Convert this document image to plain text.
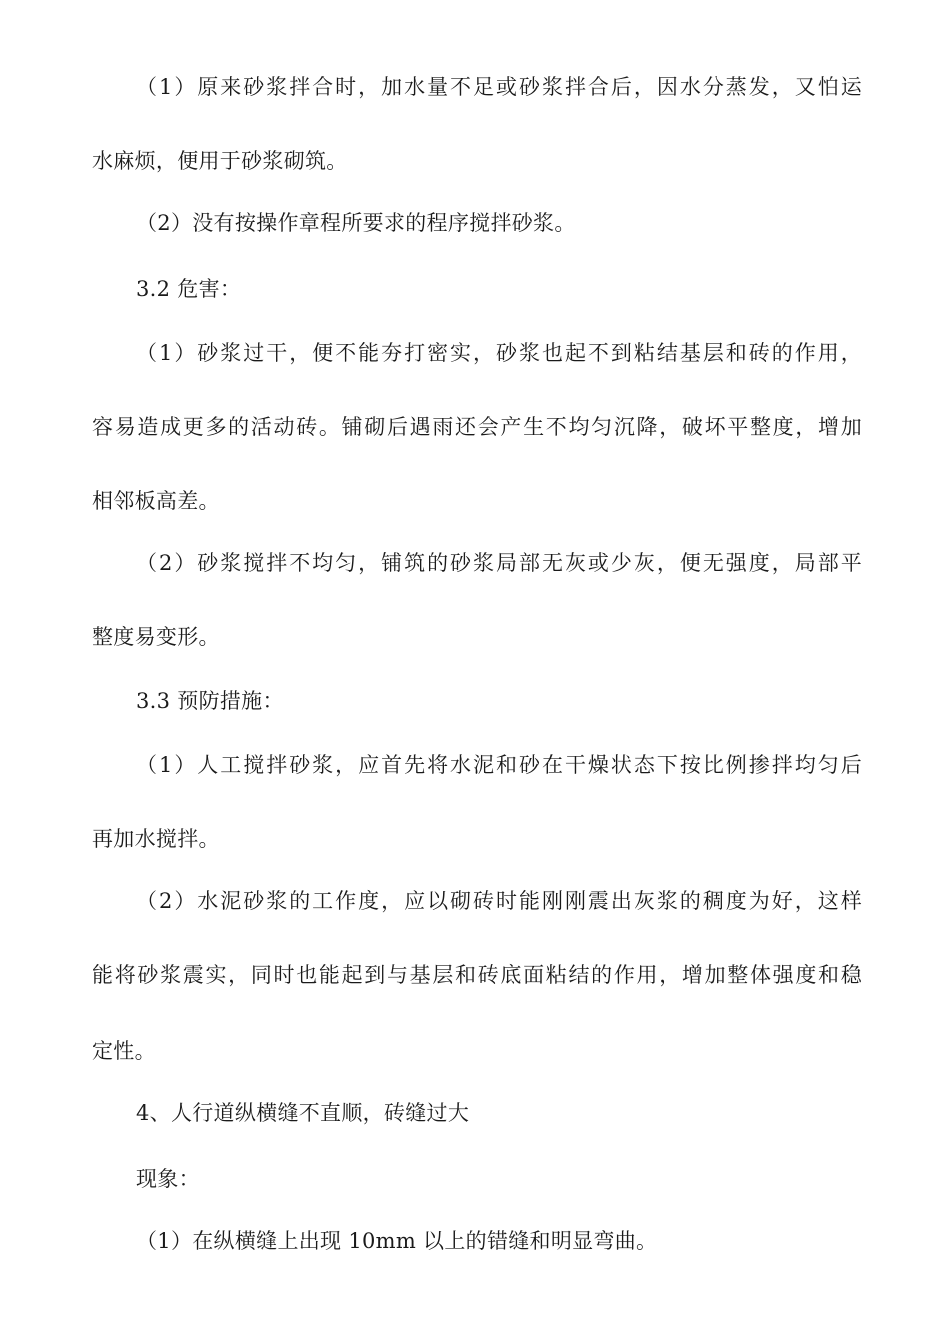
（1）原来砂浆拌合时，加水量不足或砂浆拌合后，因水分蒸发，又怕运
水麻烦，便用于砂浆砌筑。
（2）没有按操作章程所要求的程序搅拌砂浆。
3.2 危害：
（1）砂浆过干，便不能夯打密实，砂浆也起不到粘结基层和砖的作用，
容易造成更多的活动砖。铺砌后遇雨还会产生不均匀沉降，破坏平整度，增加
相邻板高差。
（2）砂浆搅拌不均匀，铺筑的砂浆局部无灰或少灰，便无强度，局部平
整度易变形。
3.3 预防措施：
（1）人工搅拌砂浆，应首先将水泥和砂在干燥状态下按比例掺拌均匀后
再加水搅拌。
（2）水泥砂浆的工作度，应以砌砖时能刚刚震出灰浆的稠度为好，这样
能将砂浆震实，同时也能起到与基层和砖底面粘结的作用，增加整体强度和稳
定性。
4、人行道纵横缝不直顺，砖缝过大
现象：
（1）在纵横缝上出现 10mm 以上的错缝和明显弯曲。
